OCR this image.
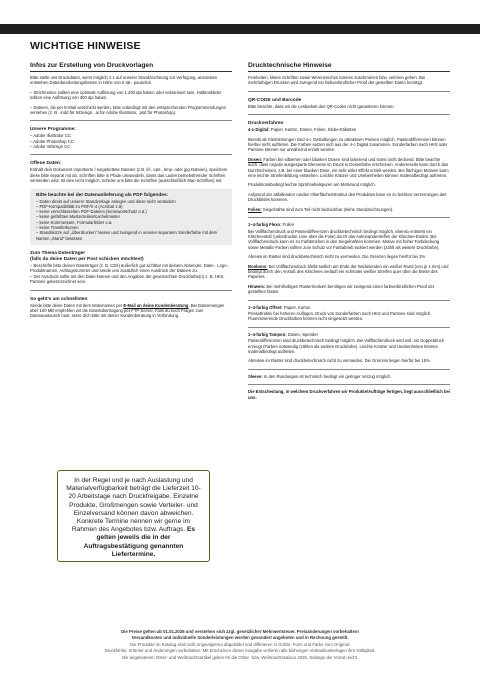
WICHTIGE HINWEISE
Infos zur Erstellung von Druckvorlagen

Bitte stelle uns Druckdaten, wenn möglich 1:1 auf unserer Standzeichnung zur Verfügung, ansonsten entstehen Datenbearbeitungskosten in Höhe von € 48.- pauschal.

– Strichmotive sollten eine optimale Auflösung von 1.200 dpi haben oder vektorisiert sein. Halbtonbilder sollten eine Auflösung von 300 dpi haben.

– Dateien, die per E-Mail verschickt werden, bitte unbedingt mit den entsprechenden Programmendungen versehen (z. B. .indd für InDesign, .ai für Adobe Illustrator, .psd für Photoshop).

Unsere Programme:
– Adobe Illustrator CC
– Adobe Photoshop CC
– Adobe InDesign CC
Offene Daten:

Enthält dein Dokument importierte / eingebettete Dateien (z.B. tif-, eps-, bmp- oder jpg-Dateien), speichere diese bitte separat mit ab. Schriften bitte in Pfade umwandeln, damit das Laden betriebsfremder Schriften vermieden wird. Ist dies nicht möglich, schicke uns bitte die Schriften (ausschließlich Mac-Schriften) mit.

Bitte beachte bei der Datenanlieferung als PDF folgendes:
– Daten direkt auf unserer Standvorlage anlegen und diese nicht verändern
– PDF-Kompatibilität zu PDF/X-4 (Acrobat 1.6)
– keine verschlüsselten PDF-Dateien (Kennwortschutz o.ä.)
– keine gefärbten Musterzeilen/Kachelmuster
– keine Kommentare, Formularfelder o.ä.
– keine Transferkurven
– Standskizze auf „Überdrucken“ lassen und zwingend in unserer separaten Sonderfarbe mit dem Namen „Stand“ belassen
Zum Thema Datenträger
(falls du deine Daten per Post schicken möchtest)

– Beschrifte bitte deinen Datenträger (z. B. CDs) äußerlich gut sichtbar mit deinem Absender, Datei-, Logo-, Produktnamen, Auftragsnummer und sende uns zusätzlich einen Ausdruck der Dateien zu.

– Der Ausdruck sollte mit den Datei-Namen und den Angaben der gewünschten Druckfarbe(n) z. B. HKS, Pantone gekennzeichnet sein.

So geht’s am schnellsten

Sende bitte deine Daten mit dem Motivnamen per E-Mail an deine Kundenberatung. Bei Datenmengen über 100 MB empfehlen wir die Datenübertragung per FTP-Server. Falls du noch Fragen zum Datenaustausch hast, setze dich bitte mit deiner Kundenberatung in Verbindung.

In der Regel und je nach Auslastung und Materialverfügbarkeit beträgt die Lieferzeit 10-20 Arbeitstage nach Druckfreigabe. Einzelne Produkte, Großmengen sowie Verteiler- und Einzelversand können davon abweichen. Konkrete Termine nennen wir gerne im Rahmen des Angebotes bzw. Auftrags. Es gelten jeweils die in der Auftragsbestätigung genannten Liefertermine.
Drucktechnische Hinweise

Feinheiten, kleine Schriften sowie Werenzeichen können zuschmieren bzw. verloren gehen. Bei mehrfarbigen Drucken wird zwingend ein farbverbindlicher Proof der gestellten Daten benötigt.

QR-CODE und Barcode

Bitte beachte, dass wir die Lesbarkeit des QR-Codes nicht garantieren können.

Druckverfahren

4-c-Digital: Papier, Karton, Dosen, Folien, Klebe-Etiketten

Bereits ab Kleinstmengen sind 4-c Gestaltungen zu attraktiven Preisen möglich. Passerdifferenzen können hierbei nicht auftreten. Die Farben setzen sich aus der 4-c Digital zusammen. Sonderfarben nach HKS oder Pantone können nur annähernd erzielt werden.

Dosen: Farben bei silbernen oder blanken Dosen sind lasierend und somit nicht deckend. Bitte beachte auch, dass negativ ausgesparte Elemente im Druck in Dosenfarbe erscheinen. Andererseits kann durch das Durchscheinen, z.B. bei einer blanken Dose, ein sehr edler Effekt erzielt werden. Bei flächigen Motiven kann eine leichte Streifenbildung entstehen. Leichte Kratzer und Unebenheiten können materialbedingt auftreten.

Produktionsbedingt leichte Sprühnebelspuren am Motivrand möglich.

Aufgrund der abfallenden runden Oberflächenstruktur des Produktes kann es zu leichten Verzerrungen des Druckbildes kommen.

Folien: Siegelnähte sind zum Teil nicht bedruckbar (siehe Standzeichnungen).

1–4-farbig Flexo: Folien

Bei Vollflächendruck und Passerdifferenzen druckbetechnisch bedingt möglich, ebenso entsteht ein Klischeestoß (unbedruckte Linie über die Folie) durch das Aufeinandertreffen der Klischee-Enden. Bei Vollflächendruck kann es zu Farbbrüchen in den Siegelnähten kommen. Motive mit hoher Farbdeckung sowie Metallic-Farben sollten zum Schutz vor Farbabrieb lackiert werden (zählt als weitere Druckfarbe).

Abreiss im Raster sind druckbetechnisch nicht zu vermeiden. Die Grenzen liegen hierfür bei 3%.

Bonbons: Bei Vollflächendruck bleibt seitlich am Ende der Wickelenden ein weißer Rand (von je 1 mm) und bedingt durch den Anstoß des Klischees verläuft ein schmaler weißer Streifen quer über die Breite des Papieres.

Hinweis: Bei mehrfarbigen Rastermotiven benötigen wir zwingend einen farbverbindlichen Proof der gestellten Daten.

1–4-farbig Offset: Papier, Karton

Preisattraktiv bei höheren Auflagen. Druck von Sonderfarben nach HKS und Pantone sind möglich. Fluoreszierende Druckfarben können nicht eingesetzt werden.

1–4-farbig Tampon: Dosen, Spender

Passerdifferenzen sind druckbetechnisch bedingt möglich. Bei Vollflächendruck wird evtl. ein Doppeldruck erzeugt (Farben notwendig (zählen als weitere Druckfarbe). Leichte Kratzer und Unebenheiten können materialbedingt auftreten.

Abreisse im Raster sind druckbetechnisch nicht zu vermeiden. Die Grenzen liegen hierfür bei 15%.

Sleeve: In den Rundungen ist technisch bedingt ein geringer Verzug möglich.

Die Entscheidung, in welchem Druckverfahren wir Produkte/Aufträge fertigen, liegt ausschließlich bei uns.

Die Preise gelten ab 01.01.2026 und verstehen sich zzgl. gesetzlicher Mehrwertsteuer. Preisänderungen vorbehalten!
Versandkosten und individuelle Sonderleistungen werden gesondert angeboten und in Rechnung gestellt.
Die Produkte im Katalog sind nicht originalgetreu abgebildet und differieren in Größe, Form und Farbe zum Original.
Druckfehler, Irrtümer und Änderungen vorbehalten. Mit Erscheinen dieser Ausgabe verlieren alle bisherigen Verkaufsunterlagen ihre Gültigkeit.
Die angebotenen Oster- und Weihnachtsartikel gelten für die Oster- bzw. Weihnachtssaison 2026. Solange der Vorrat reicht.
